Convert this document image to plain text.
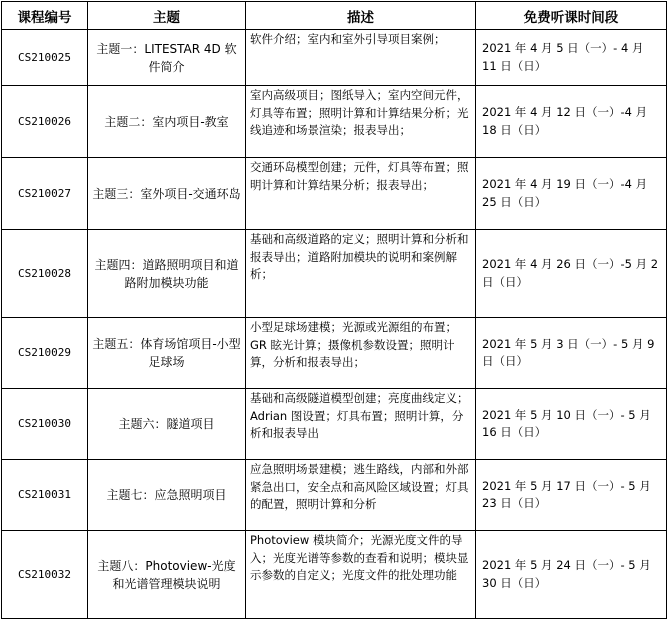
课程编号	主题	描述	免费听课时间段
CS210025	主题一：LITESTAR 4D 软件简介	软件介绍；室内和室外引导项目案例；	2021 年 4 月 5 日（一）- 4 月 11 日（日）
CS210026	主题二：室内项目-教室	室内高级项目；图纸导入；室内空间元件，灯具等布置；照明计算和计算结果分析；光线追迹和场景渲染；报表导出；	2021 年 4 月 12 日（一）-4 月 18 日（日）
CS210027	主题三：室外项目-交通环岛	交通环岛模型创建；元件，灯具等布置；照明计算和计算结果分析；报表导出；	2021 年 4 月 19 日（一）-4 月 25 日（日）
CS210028	主题四：道路照明项目和道路附加模块功能	基础和高级道路的定义；照明计算和分析和报表导出；道路附加模块的说明和案例解析；	2021 年 4 月 26 日（一）-5 月 2 日（日）
CS210029	主题五：体育场馆项目-小型足球场	小型足球场建模；光源或光源组的布置；GR 眩光计算；摄像机参数设置；照明计算，分析和报表导出；	2021 年 5 月 3 日（一）- 5 月 9 日（日）
CS210030	主题六：隧道项目	基础和高级隧道模型创建；亮度曲线定义；Adrian 图设置；灯具布置；照明计算，分析和报表导出	2021 年 5 月 10 日（一）- 5 月 16 日（日）
CS210031	主题七：应急照明项目	应急照明场景建模；逃生路线，内部和外部紧急出口，安全点和高风险区域设置；灯具的配置，照明计算和分析	2021 年 5 月 17 日（一）- 5 月 23 日（日）
CS210032	主题八：Photoview-光度和光谱管理模块说明	Photoview 模块简介；光源光度文件的导入；光度光谱等参数的查看和说明；模块显示参数的自定义；光度文件的批处理功能	2021 年 5 月 24 日（一）- 5 月 30 日（日）
